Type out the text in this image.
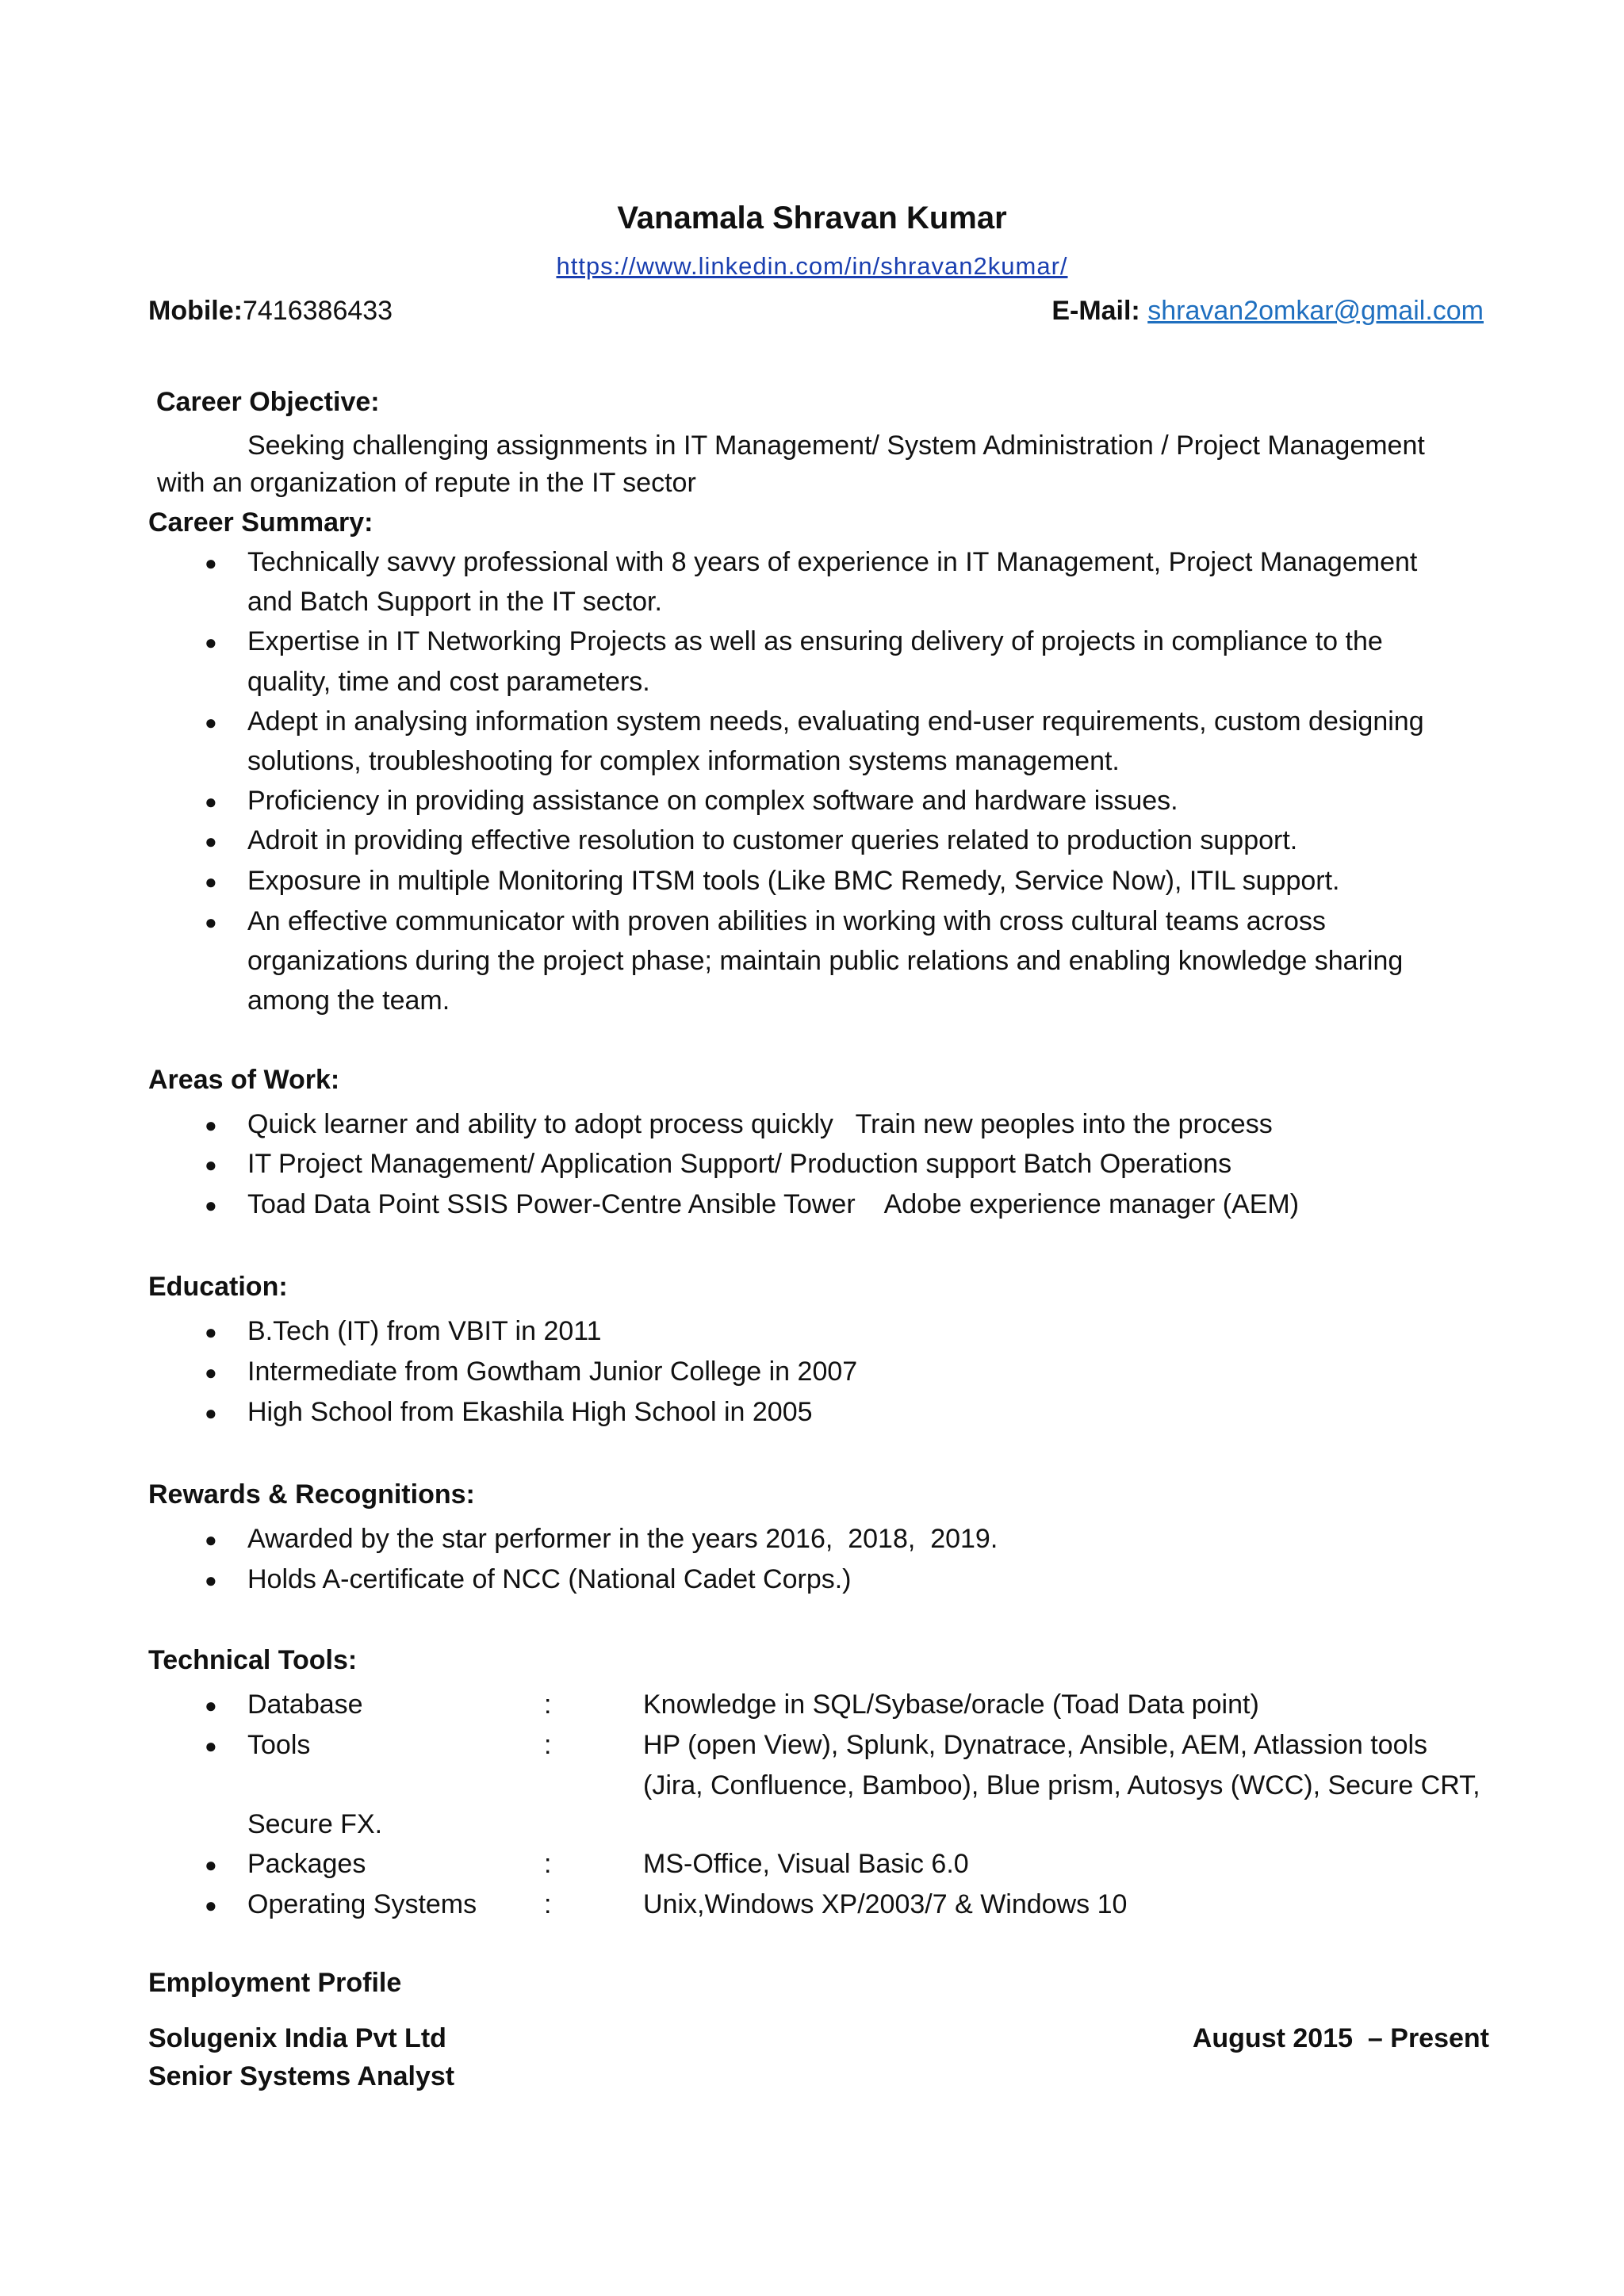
Vanamala Shravan Kumar
https://www.linkedin.com/in/shravan2kumar/
Mobile:7416386433	E-Mail: shravan2omkar@gmail.com
Career Objective:
Seeking challenging assignments in IT Management/ System Administration / Project Management
with an organization of repute in the IT sector
Career Summary:
● Technically savvy professional with 8 years of experience in IT Management, Project Management
and Batch Support in the IT sector.
● Expertise in IT Networking Projects as well as ensuring delivery of projects in compliance to the
quality, time and cost parameters.
● Adept in analysing information system needs, evaluating end-user requirements, custom designing
solutions, troubleshooting for complex information systems management.
● Proficiency in providing assistance on complex software and hardware issues.
● Adroit in providing effective resolution to customer queries related to production support.
● Exposure in multiple Monitoring ITSM tools (Like BMC Remedy, Service Now), ITIL support.
● An effective communicator with proven abilities in working with cross cultural teams across
organizations during the project phase; maintain public relations and enabling knowledge sharing
among the team.
Areas of Work:
● Quick learner and ability to adopt process quickly   Train new peoples into the process
● IT Project Management/ Application Support/ Production support Batch Operations
● Toad Data Point SSIS Power-Centre Ansible Tower    Adobe experience manager (AEM)
Education:
● B.Tech (IT) from VBIT in 2011
● Intermediate from Gowtham Junior College in 2007
● High School from Ekashila High School in 2005
Rewards & Recognitions:
● Awarded by the star performer in the years 2016,  2018,  2019.
● Holds A-certificate of NCC (National Cadet Corps.)
Technical Tools:
● Database	:	Knowledge in SQL/Sybase/oracle (Toad Data point)
● Tools	:	HP (open View), Splunk, Dynatrace, Ansible, AEM, Atlassion tools
(Jira, Confluence, Bamboo), Blue prism, Autosys (WCC), Secure CRT,
Secure FX.
● Packages	:	MS-Office, Visual Basic 6.0
● Operating Systems :	Unix,Windows XP/2003/7 & Windows 10
Employment Profile
Solugenix India Pvt Ltd	August 2015  – Present
Senior Systems Analyst
